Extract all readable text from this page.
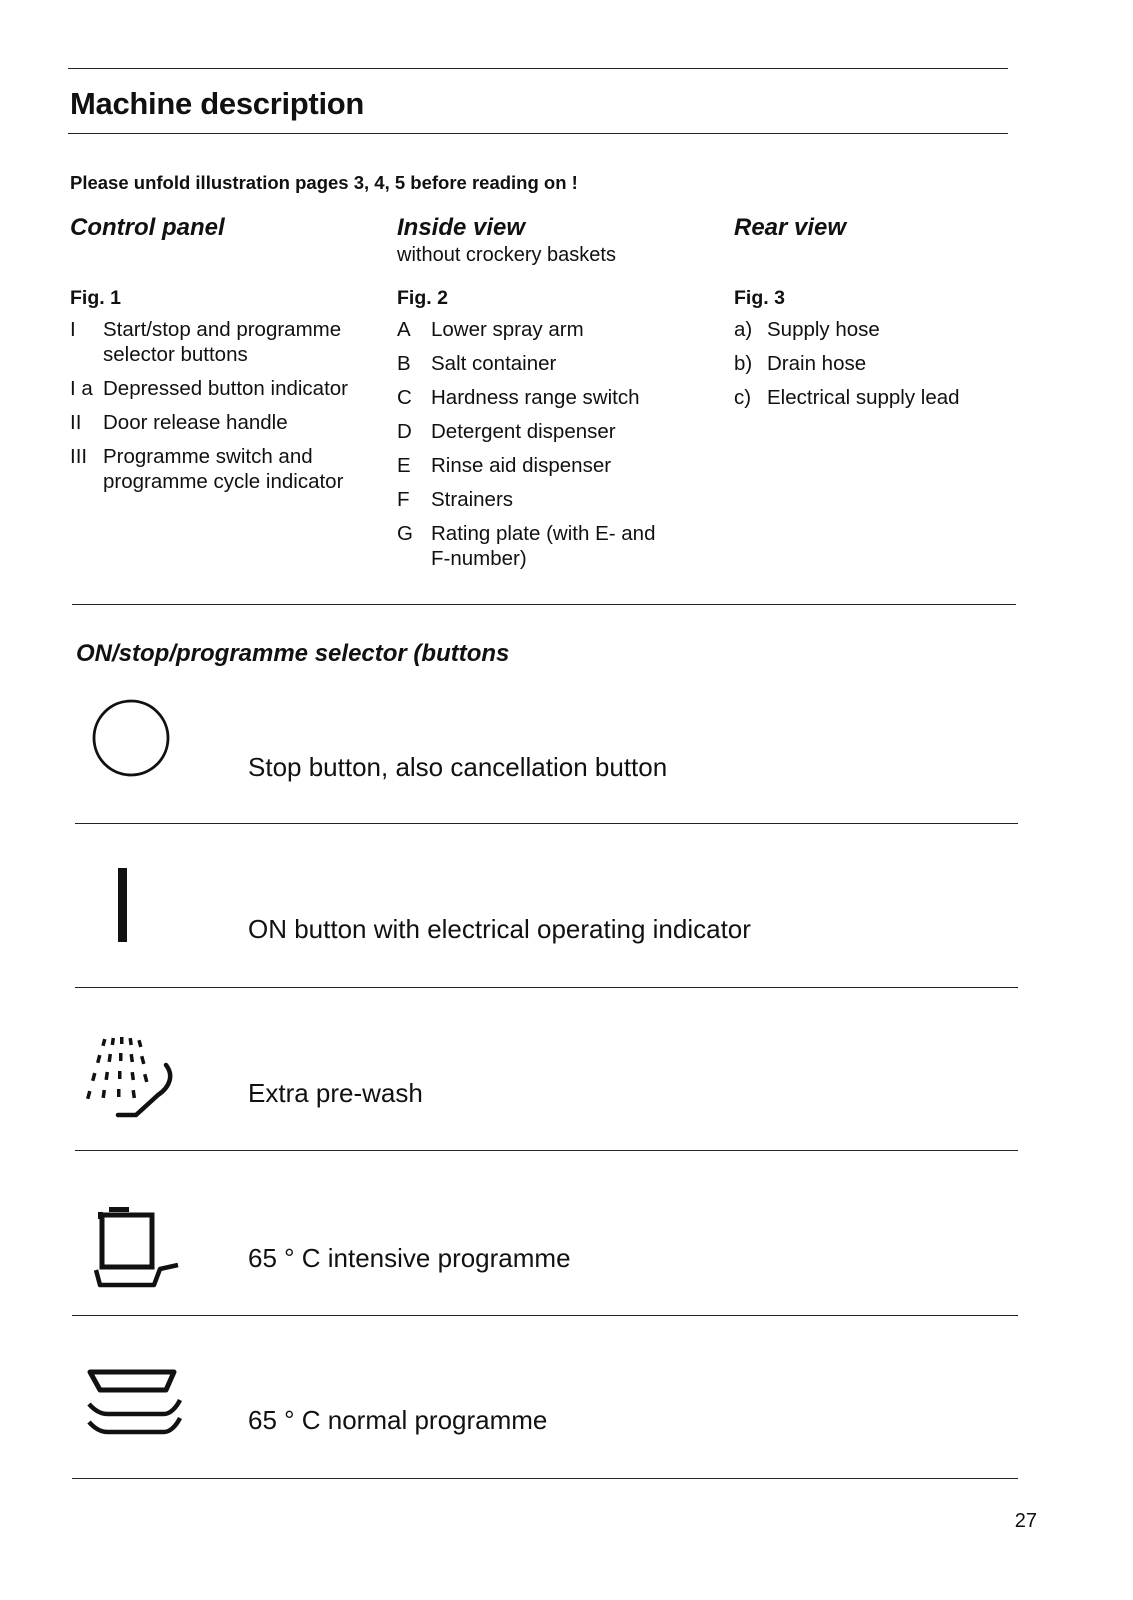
Machine description
Please unfold illustration pages 3, 4, 5 before reading on !
Control panel
Fig. 1
I	Start/stop and programme selector buttons
I a Depressed button indicator
II	Door release handle
III Programme switch and programme cycle indicator
Inside view
without crockery baskets
Fig. 2
A Lower spray arm
B Salt container
C Hardness range switch
D Detergent dispenser
E Rinse aid dispenser
F	Strainers
G Rating plate (with E- and F-number)
Rear view
Fig. 3
a) Supply hose
b) Drain hose
c) Electrical supply lead
ON/stop/programme selector (buttons
Stop button, also cancellation button
ON button with electrical operating indicator
Extra pre-wash
65 ° C intensive programme
65 ° C normal programme
27
